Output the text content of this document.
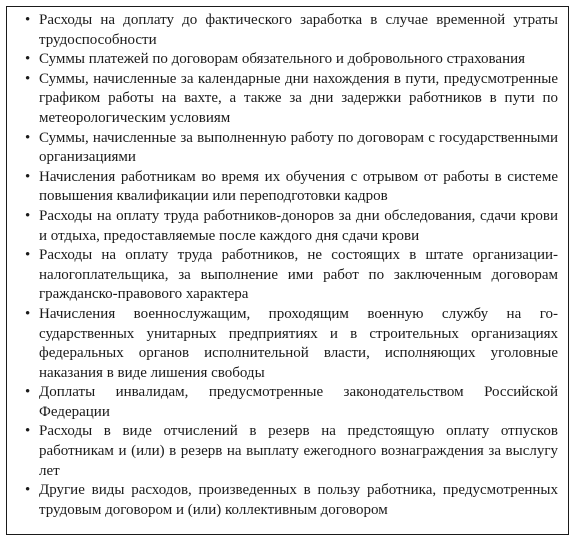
• Расходы на доплату до фактического заработка в случае временной утраты трудоспособности
• Суммы платежей по договорам обязательного и добровольного страхования
• Суммы, начисленные за календарные дни нахождения в пути, предусмотренные графиком работы на вахте, а также за дни задержки работников в пути по метеорологическим условиям
• Суммы, начисленные за выполненную работу по договорам с государственными организациями
• Начисления работникам во время их обучения с отрывом от работы в системе повышения квалификации или переподготовки кадров
• Расходы на оплату труда работников-доноров за дни обследования, сдачи крови и отдыха, предоставляемые после каждого дня сдачи крови
• Расходы на оплату труда работников, не состоящих в штате организации-налогоплательщика, за выполнение ими работ по заключенным договорам гражданско-правового характера
• Начисления военнослужащим, проходящим военную службу на государственных унитарных предприятиях и в строительных организациях федеральных органов исполнительной власти, исполняющих уголовные наказания в виде лишения свободы
• Доплаты инвалидам, предусмотренные законодательством Российской Федерации
• Расходы в виде отчислений в резерв на предстоящую оплату отпусков работникам и (или) в резерв на выплату ежегодного вознаграждения за выслугу лет
• Другие виды расходов, произведенных в пользу работника, предусмотренных трудовым договором и (или) коллективным договором
